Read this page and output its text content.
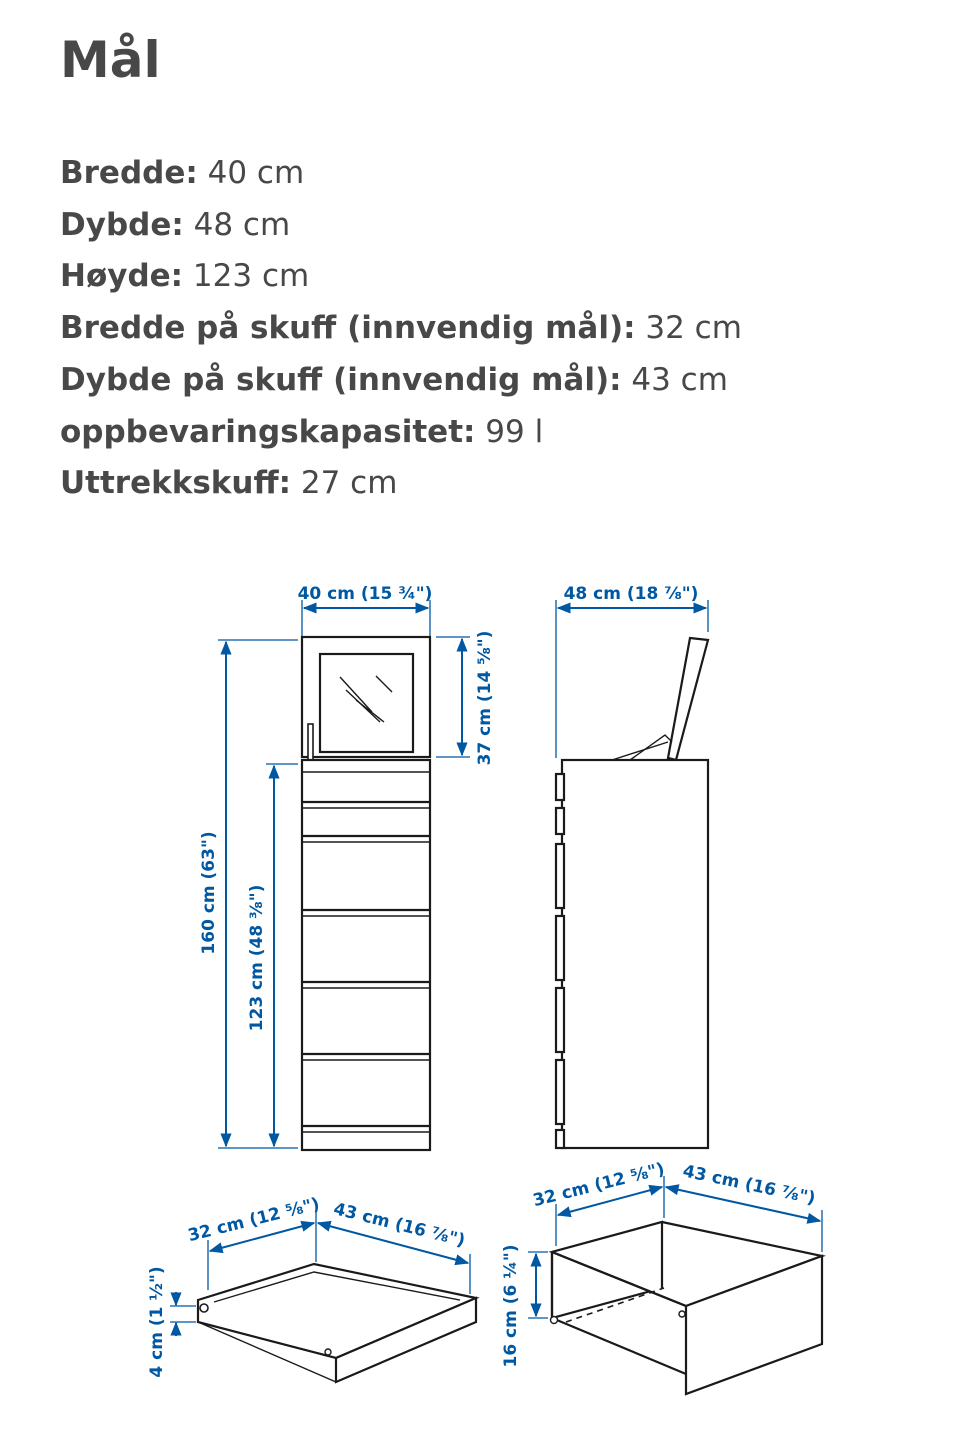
Mål
Bredde: 40 cm
Dybde: 48 cm
Høyde: 123 cm
Bredde på skuff (innvendig mål): 32 cm
Dybde på skuff (innvendig mål): 43 cm
oppbevaringskapasitet: 99 l
Uttrekkskuff: 27 cm
40 cm (15 ¾")
37 cm (14 ⅝")
160 cm (63") 123 cm (48 ⅜")
48 cm (18 ⅞")
32 cm (12 ⅝") 43 cm (16 ⅞")
4 cm (1 ½")
32 cm (12 ⅝") 43 cm (16 ⅞")
16 cm (6 ¼")
